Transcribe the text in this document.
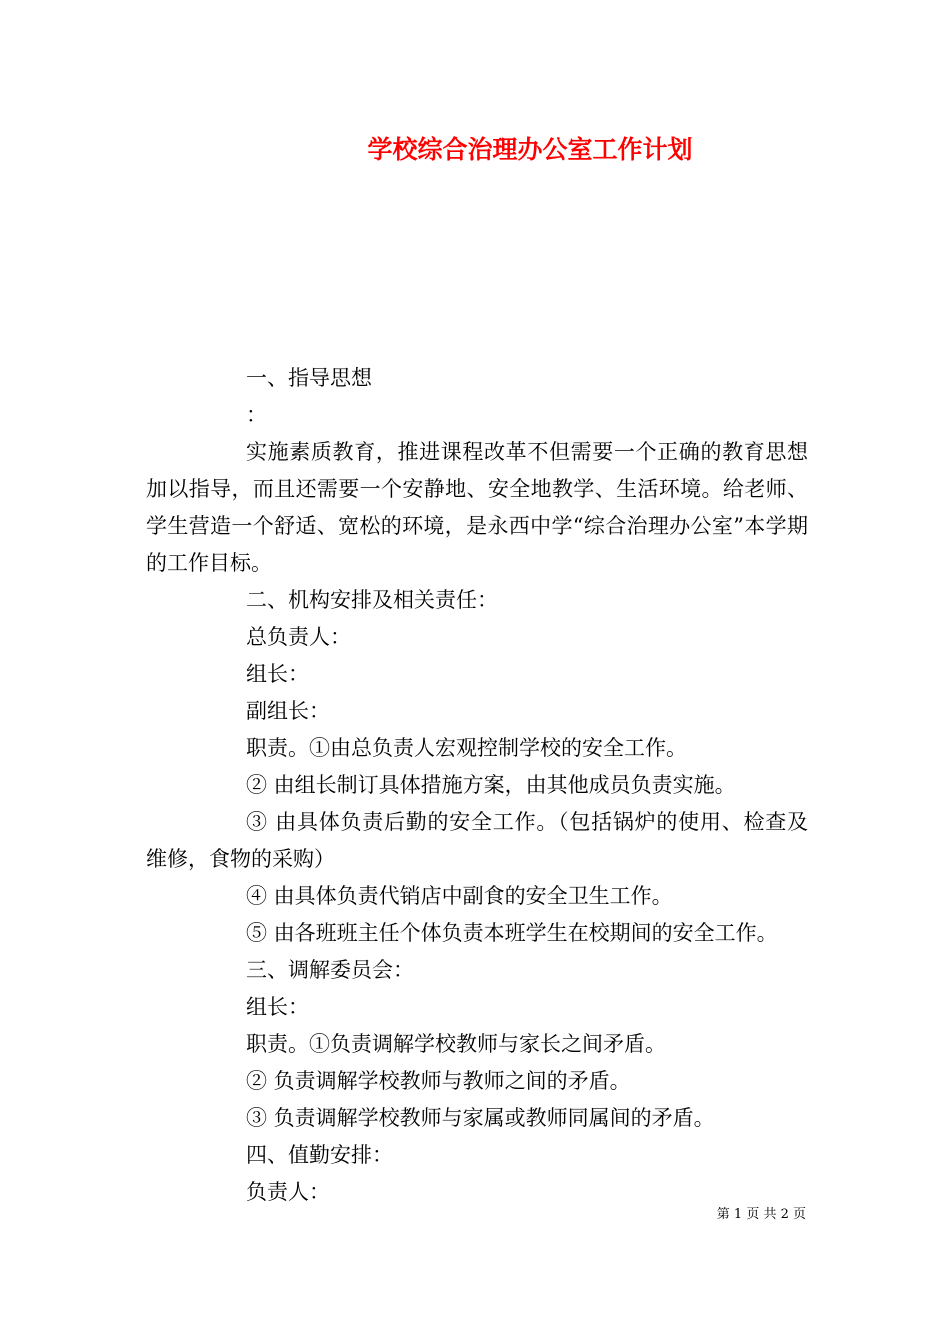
学校综合治理办公室工作计划

一、指导思想

：

实施素质教育，推进课程改革不但需要一个正确的教育思想加以指导，而且还需要一个安静地、安全地教学、生活环境。给老师、学生营造一个舒适、宽松的环境，是永西中学“综合治理办公室”本学期的工作目标。

二、机构安排及相关责任：

总负责人：

组长：

副组长：

职责。①由总负责人宏观控制学校的安全工作。

② 由组长制订具体措施方案，由其他成员负责实施。

③ 由具体负责后勤的安全工作。（包括锅炉的使用、检查及维修，食物的采购）

④ 由具体负责代销店中副食的安全卫生工作。

⑤ 由各班班主任个体负责本班学生在校期间的安全工作。

三、调解委员会：

组长：

职责。①负责调解学校教师与家长之间矛盾。

② 负责调解学校教师与教师之间的矛盾。

③ 负责调解学校教师与家属或教师同属间的矛盾。

四、值勤安排：

负责人：

第 1 页 共 2 页
